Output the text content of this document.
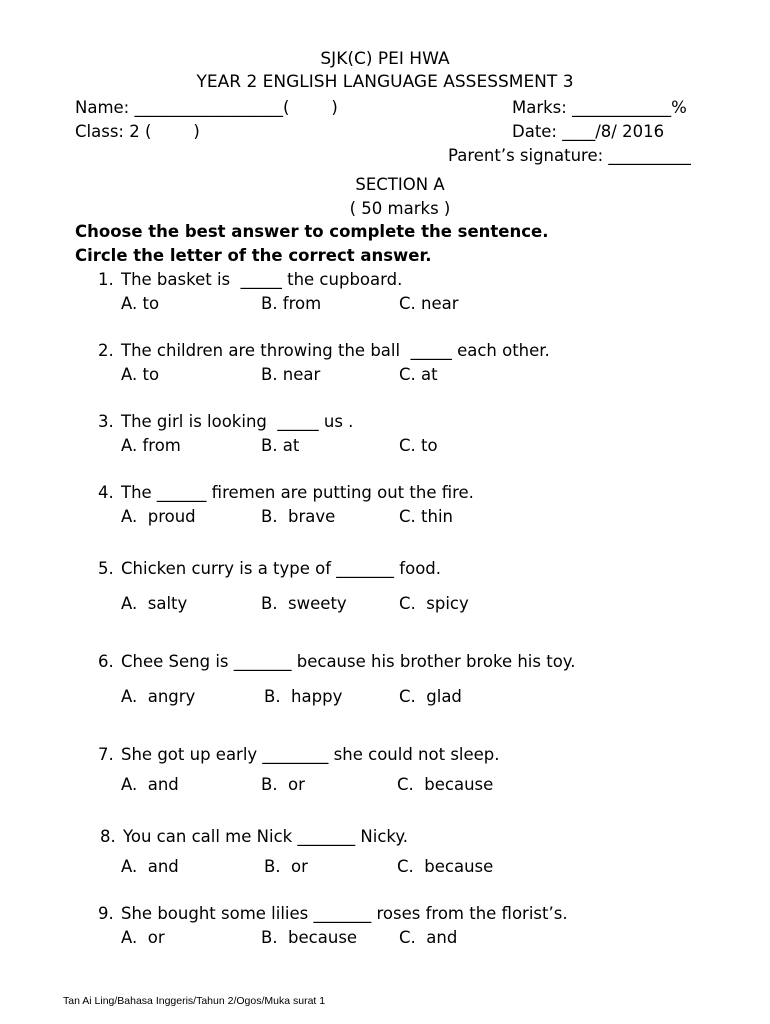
SJK(C) PEI HWA
YEAR 2 ENGLISH LANGUAGE ASSESSMENT 3
Name: __________________(        )	Marks: ____________%
Class: 2 (        )	Date: ____/8/ 2016
Parent’s signature: __________
SECTION A
( 50 marks )
Choose the best answer to complete the sentence.
Circle the letter of the correct answer.
1. The basket is  _____ the cupboard.
A. to	B. from	C. near
2. The children are throwing the ball  _____ each other.
A. to	B. near	C. at
3. The girl is looking  _____ us .
A. from	B. at	C. to
4. The ______ firemen are putting out the fire.
A.  proud	B.  brave	C. thin
5. Chicken curry is a type of _______ food.
A.  salty	B.  sweety	C.  spicy
6. Chee Seng is _______ because his brother broke his toy.
A.  angry	B.  happy	C.  glad
7. She got up early ________ she could not sleep.
A.  and	B.  or	C.  because
8. You can call me Nick _______ Nicky.
A.  and	B.  or	C.  because
9. She bought some lilies _______ roses from the florist’s.
A.  or	B.  because	C.  and
Tan Ai Ling/Bahasa Inggeris/Tahun 2/Ogos/Muka surat 1
